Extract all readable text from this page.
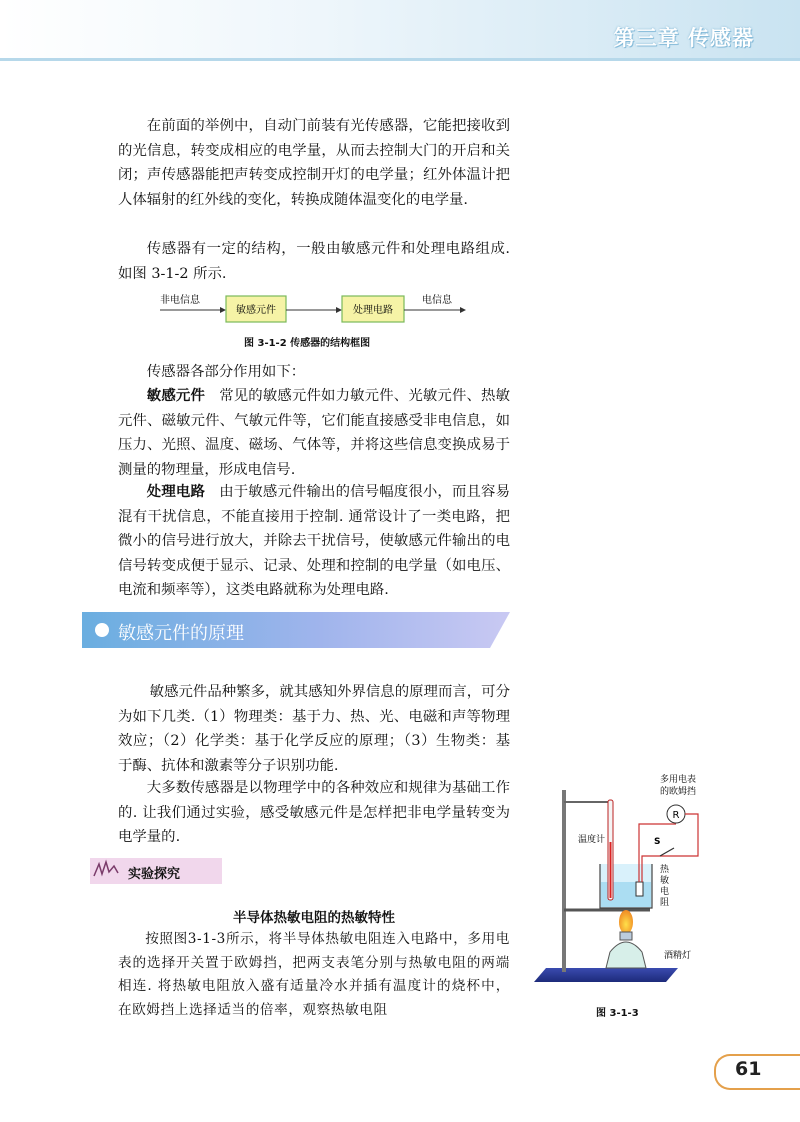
第三章 传感器

在前面的举例中，自动门前装有光传感器，它能把接收到的光信息，转变成相应的电学量，从而去控制大门的开启和关闭；声传感器能把声转变成控制开灯的电学量；红外体温计把人体辐射的红外线的变化，转换成随体温变化的电学量.

传感器有一定的结构，一般由敏感元件和处理电路组成. 如图 3-1-2 所示.

非电信息
敏感元件	处理电路
电信息
图 3-1-2 传感器的结构框图

传感器各部分作用如下：

敏感元件 常见的敏感元件如力敏元件、光敏元件、热敏元件、磁敏元件、气敏元件等，它们能直接感受非电信息，如压力、光照、温度、磁场、气体等，并将这些信息变换成易于测量的物理量，形成电信号.

处理电路 由于敏感元件输出的信号幅度很小，而且容易混有干扰信息，不能直接用于控制. 通常设计了一类电路，把微小的信号进行放大，并除去干扰信号，使敏感元件输出的电信号转变成便于显示、记录、处理和控制的电学量（如电压、电流和频率等），这类电路就称为处理电路.

敏感元件的原理

敏感元件品种繁多，就其感知外界信息的原理而言，可分为如下几类.（1）物理类：基于力、热、光、电磁和声等物理效应；（2）化学类：基于化学反应的原理；（3）生物类：基于酶、抗体和激素等分子识别功能.

大多数传感器是以物理学中的各种效应和规律为基础工作的. 让我们通过实验，感受敏感元件是怎样把非电学量转变为电学量的.

实验探究
半导体热敏电阻的热敏特性

按照图3-1-3所示，将半导体热敏电阻连入电路中，多用电表的选择开关置于欧姆挡，把两支表笔分别与热敏电阻的两端相连. 将热敏电阻放入盛有适量冷水并插有温度计的烧杯中，在欧姆挡上选择适当的倍率，观察热敏电阻

R
S
多用电表
的欧姆挡
温度计
热
敏
电
阻
酒精灯
图 3-1-3
61
